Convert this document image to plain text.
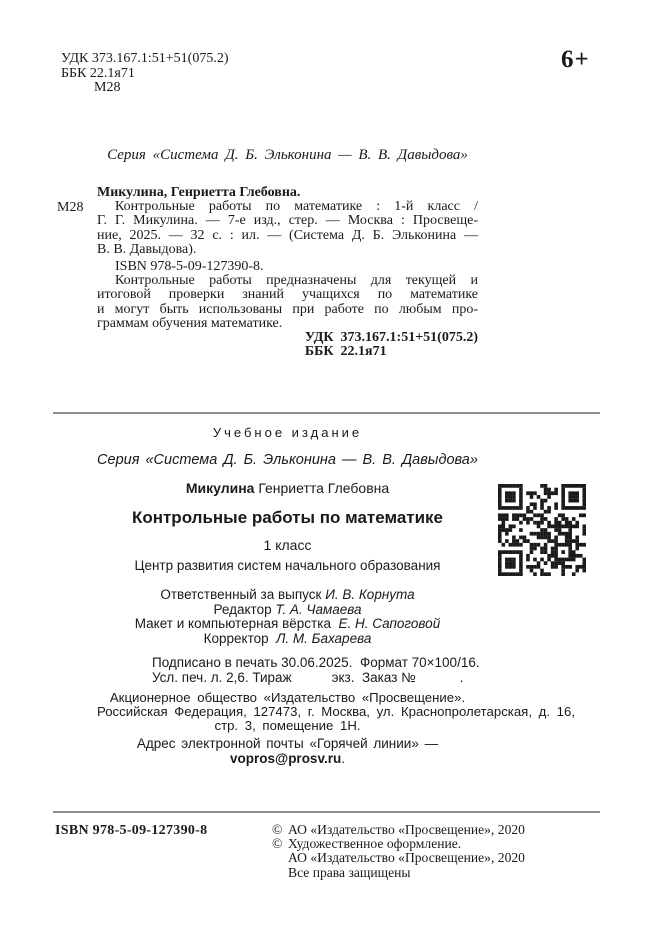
УДК 373.167.1:51+51(075.2)
ББК 22.1я71
М28
6+
Серия «Система Д. Б. Эльконина — В. В. Давыдова»
М28
Микулина, Генриетта Глебовна.
Контрольные работы по математике : 1-й класс /
Г. Г. Микулина. — 7-е изд., стер. — Москва : Просвеще-
ние, 2025. — 32 с. : ил. — (Система Д. Б. Эльконина —
В. В. Давыдова).
ISBN 978-5-09-127390-8.
Контрольные работы предназначены для текущей и
итоговой проверки знаний учащихся по математике
и могут быть использованы при работе по любым про-
граммам обучения математике.
УДК  373.167.1:51+51(075.2)
ББК  22.1я71
Учебное издание
Серия «Система Д. Б. Эльконина — В. В. Давыдова»
Микулина Генриетта Глебовна
Контрольные работы по математике
1 класс
Центр развития систем начального образования
Ответственный за выпуск И. В. Корнута
Редактор Т. А. Чамаева
Макет и компьютерная вёрстка  Е. Н. Сапоговой
Корректор  Л. М. Бахарева
Подписано в печать 30.06.2025.  Формат 70×100/16.
Усл. печ. л. 2,6. Тираж	экз.  Заказ №	.
Акционерное общество «Издательство «Просвещение».
Российская Федерация, 127473, г. Москва, ул. Краснопролетарская, д. 16,
стр. 3, помещение 1Н.
Адрес электронной почты «Горячей линии» — vopros@prosv.ru.
ISBN 978-5-09-127390-8	© АО «Издательство «Просвещение», 2020
© Художественное оформление.
АО «Издательство «Просвещение», 2020
Все права защищены
